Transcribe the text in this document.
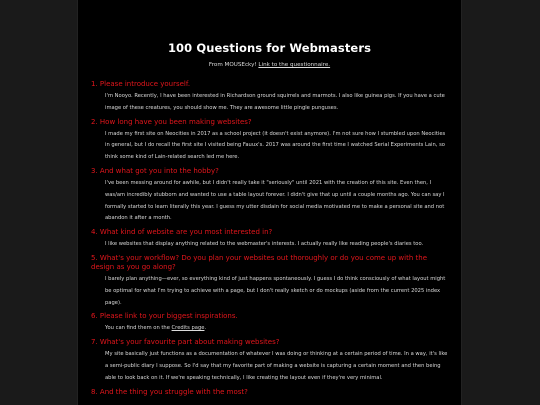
100 Questions for Webmasters
From MOUSEcky! Link to the questionnaire.

1. Please introduce yourself.

I'm Nooyo. Recently, I have been interested in Richardson ground squirrels and marmots. I also like guinea pigs. If you have a cute image of these creatures, you should show me. They are awesome little pingle punguses.

2. How long have you been making websites?

I made my first site on Neocities in 2017 as a school project (it doesn't exist anymore). I'm not sure how I stumbled upon Neocities in general, but I do recall the first site I visited being Fauux's. 2017 was around the first time I watched Serial Experiments Lain, so think some kind of Lain-related search led me here.

3. And what got you into the hobby?

I've been messing around for awhile, but I didn't really take it "seriously" until 2021 with the creation of this site. Even then, I was/am incredibly stubborn and wanted to use a table layout forever. I didn't give that up until a couple months ago. You can say I formally started to learn literally this year. I guess my utter disdain for social media motivated me to make a personal site and not abandon it after a month.

4. What kind of website are you most interested in?

I like websites that display anything related to the webmaster's interests. I actually really like reading people's diaries too.

5. What's your workflow? Do you plan your websites out thoroughly or do you come up with the design as you go along?

I barely plan anything—ever, so everything kind of just happens spontaneously. I guess I do think consciously of what layout might be optimal for what I'm trying to achieve with a page, but I don't really sketch or do mockups (aside from the current 2025 index page).

6. Please link to your biggest inspirations.

You can find them on the Credits page.

7. What's your favourite part about making websites?

My site basically just functions as a documentation of whatever I was doing or thinking at a certain period of time. In a way, it's like a semi-public diary I suppose. So I'd say that my favorite part of making a website is capturing a certain moment and then being able to look back on it. If we're speaking technically, I like creating the layout even if they're very minimal.

8. And the thing you struggle with the most?
